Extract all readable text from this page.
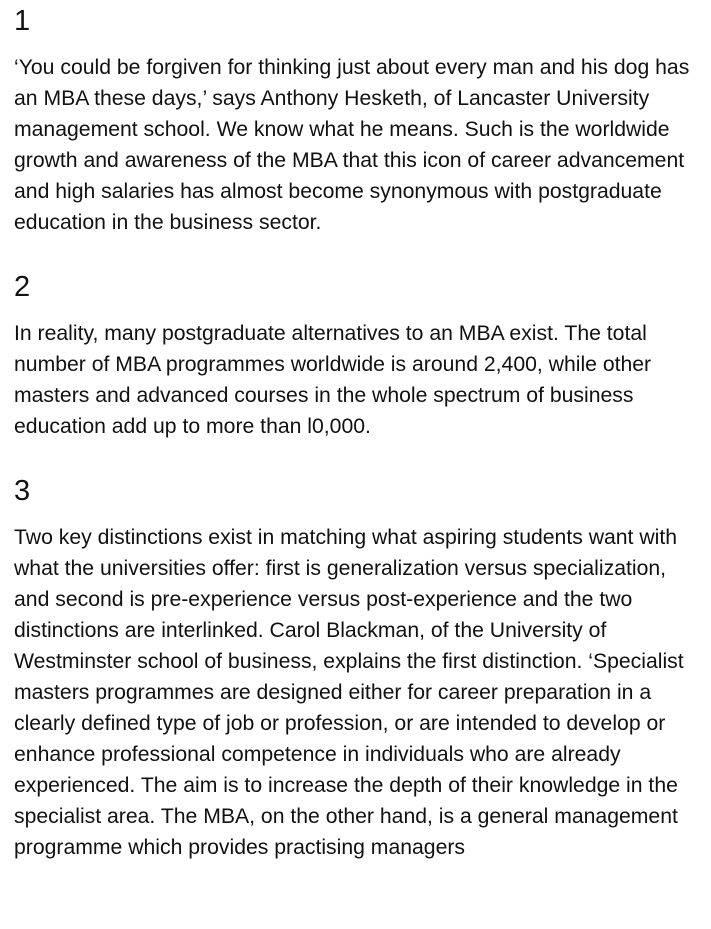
1

‘You could be forgiven for thinking just about every man and his dog has an MBA these days,’ says Anthony Hesketh, of Lancaster University management school. We know what he means. Such is the worldwide growth and awareness of the MBA that this icon of career advancement and high salaries has almost become synonymous with postgraduate education in the business sector.

2

In reality, many postgraduate alternatives to an MBA exist. The total number of MBA programmes worldwide is around 2,400, while other masters and advanced courses in the whole spectrum of business education add up to more than l0,000.

3

Two key distinctions exist in matching what aspiring students want with what the universities offer: first is generalization versus specialization, and second is pre-experience versus post-experience and the two distinctions are interlinked. Carol Blackman, of the University of Westminster school of business, explains the first distinction. ‘Specialist masters programmes are designed either for career preparation in a clearly defined type of job or profession, or are intended to develop or enhance professional competence in individuals who are already experienced. The aim is to increase the depth of their knowledge in the specialist area. The MBA, on the other hand, is a general management programme which provides practising managers
